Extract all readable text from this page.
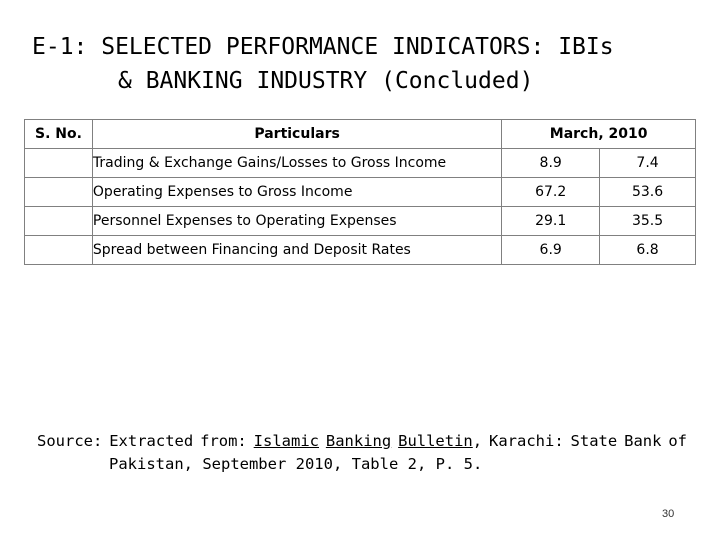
E-1: SELECTED PERFORMANCE INDICATORS: IBIs
& BANKING INDUSTRY (Concluded)
S. No.	Particulars	March, 2010	
	Trading & Exchange Gains/Losses to Gross Income	8.9	7.4
	Operating Expenses to Gross Income	67.2	53.6
	Personnel Expenses to Operating Expenses	29.1	35.5
	Spread between Financing and Deposit Rates	6.9	6.8
Source: Extracted from: Islamic Banking Bulletin, Karachi: State Bank of
Pakistan, September 2010, Table 2, P. 5.
30
